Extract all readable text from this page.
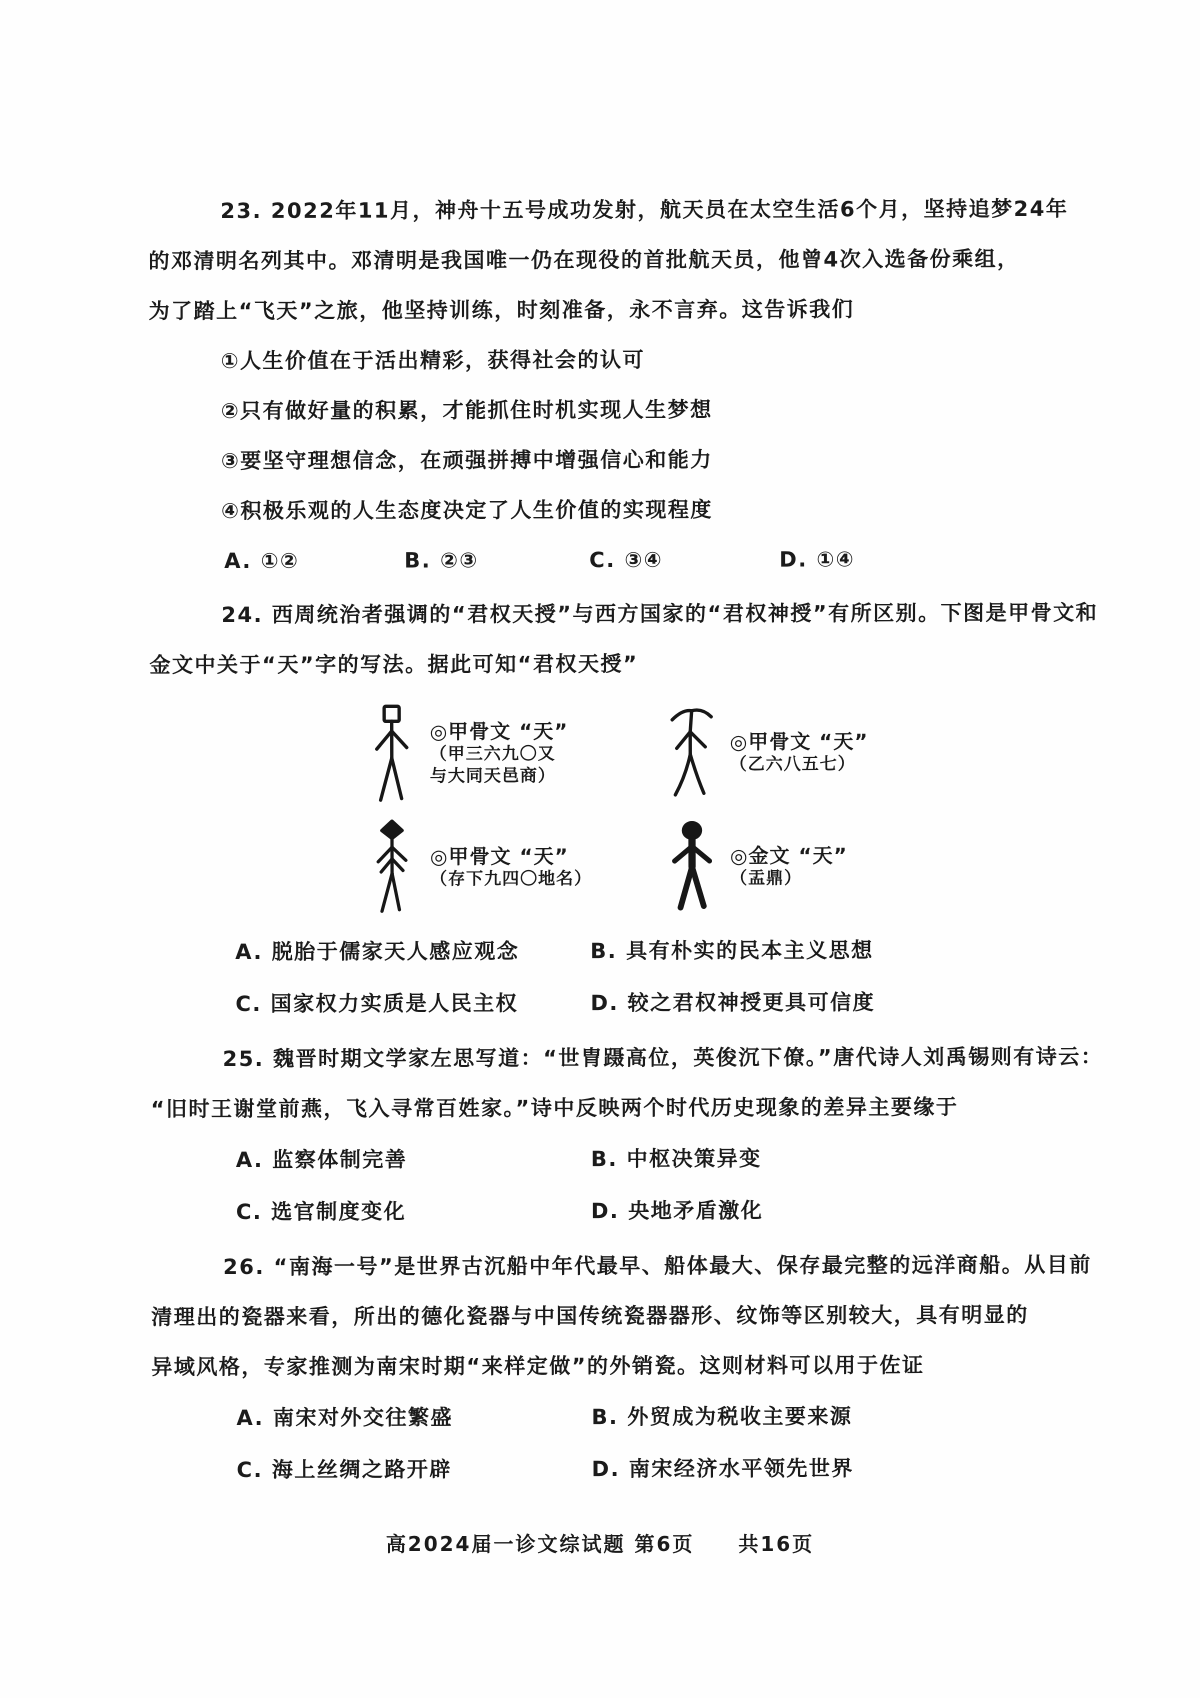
23. 2022年11月，神舟十五号成功发射，航天员在太空生活6个月，坚持追梦24年
的邓清明名列其中。邓清明是我国唯一仍在现役的首批航天员，他曾4次入选备份乘组，
为了踏上“飞天”之旅，他坚持训练，时刻准备，永不言弃。这告诉我们
①人生价值在于活出精彩，获得社会的认可
②只有做好量的积累，才能抓住时机实现人生梦想
③要坚守理想信念，在顽强拼搏中增强信心和能力
④积极乐观的人生态度决定了人生价值的实现程度
A. ①②	B. ②③	C. ③④	D. ①④
24. 西周统治者强调的“君权天授”与西方国家的“君权神授”有所区别。下图是甲骨文和
金文中关于“天”字的写法。据此可知“君权天授”
◎甲骨文 “天”
（甲三六九〇又
与大同天邑商）
◎甲骨文 “天”
（乙六八五七）
◎甲骨文 “天”
（存下九四〇地名）
◎金文 “天”
（盂鼎）
A. 脱胎于儒家天人感应观念	B. 具有朴实的民本主义思想
C. 国家权力实质是人民主权	D. 较之君权神授更具可信度
25. 魏晋时期文学家左思写道：“世胄蹑高位，英俊沉下僚。”唐代诗人刘禹锡则有诗云：
“旧时王谢堂前燕，飞入寻常百姓家。”诗中反映两个时代历史现象的差异主要缘于
A. 监察体制完善	B. 中枢决策异变
C. 选官制度变化	D. 央地矛盾激化
26. “南海一号”是世界古沉船中年代最早、船体最大、保存最完整的远洋商船。从目前
清理出的瓷器来看，所出的德化瓷器与中国传统瓷器器形、纹饰等区别较大，具有明显的
异域风格，专家推测为南宋时期“来样定做”的外销瓷。这则材料可以用于佐证
A. 南宋对外交往繁盛	B. 外贸成为税收主要来源
C. 海上丝绸之路开辟	D. 南宋经济水平领先世界
高2024届一诊文综试题 第6页　　共16页
